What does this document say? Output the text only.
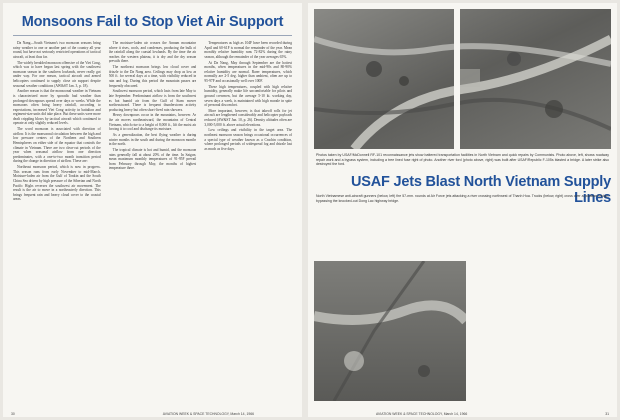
Monsoons Fail to Stop Viet Air Support

Da Nang—South Vietnam's two monsoon seasons bring rainy weather to one or another part of the country all year round, but have not seriously restricted operations of tactical aircraft, at least thus far.

The widely heralded monsoon offensive of the Viet Cong, which was to have begun last spring with the southwest monsoon season in the southern lowlands, never really got under way. For one reason, tactical aircraft and armed helicopters continued to supply close air support despite seasonal weather conditions (AW&ST Jan. 3, p. 18).

Another reason is that the monsoonal weather in Vietnam is characterized more by sporadic bad weather than prolonged downpours spread over days or weeks. While the monsoons often bring heavy rainfall, according to expectations, increased Viet Cong activity in battalion and regiment-size units did take place. But these units were more dealt crippling blows by tactical aircraft which continued to operate at only slightly reduced levels.

The word monsoon is associated with direction of airflow. It is the monsoonal circulation between the high and low pressure centers of the Northern and Southern Hemispheres on either side of the equator that controls the climate in Vietnam. There are two clear-cut periods of the year when seasonal airflow from one direction predominates, with a one-to-two month transition period during the change in direction of airflow. These are:

Northeast monsoon period, which is now in progress. This season runs from early November to mid-March. Moisture-laden air from the Gulf of Tonkin and the South China Sea driven by high pressure of the Siberian and North Pacific Highs reverses the southwest air movement. The result is the air to move in a northeasterly direction. This brings frequent rain and heavy cloud cover to the coastal areas.

The moisture-laden air crosses the Annam mountains where it rises, cools, and condenses, producing the bulk of the rainfall along the coastal lowlands. By the time the air reaches the western plateau, it is dry and the dry season prevails there.

The northeast monsoon brings low cloud cover and drizzle to the Da Nang area. Ceilings may drop as low as 500 ft. for several days at a time, with visibility reduced in rain and fog. During this period the mountain passes are frequently obscured.

Southwest monsoon period, which lasts from late May to late September. Predominant airflow is from the southwest as hot humid air from the Gulf of Siam moves northeastward. There is frequent thunderstorm activity producing heavy but often short-lived rain showers.

Heavy downpours occur in the mountains, however. As the air moves northeastward, the mountains of Central Vietnam, which rise to a height of 8,000 ft., lift the moist air forcing it to cool and discharge its moisture.

As a generalization, the best flying weather is during winter months in the south and during the monsoon months in the north.

The tropical climate is hot and humid, and the monsoon rains generally fall at about 20% of the time. In Saigon, mean maximum monthly temperatures of 91-95F prevail from February through May, the months of highest temperature there.

Temperatures as high as 104F have been recorded during April and 60-61F is normal the remainder of the year. Mean monthly relative humidity runs 72-82% during the rainy season, although the remainder of the year averages 65%.

At Da Nang, May through September are the hottest months, when temperatures in the mid-90s and 80-90% relative humidity are normal. Rarer temperatures, which normally are 2-5 deg. higher than ambient, often are up to 95-97F and occasionally well over 100F.

These high temperatures, coupled with high relative humidity, generally make life uncomfortable for pilots and ground crewmen, but the average 5-10 kt. working day, seven days a week, is maintained with high morale in spite of personal discomfort.

More important, however, is that takeoff rolls for jet aircraft are lengthened considerably and helicopter payloads reduced (AW&ST Jan. 10, p. 26). Density altitudes often are 3,000-5,000 ft. above actual elevations.

Low ceilings and visibility in the target area. The northeast monsoon season brings occasional occurrences of a special type of weather known as a Crachin condition, where prolonged periods of widespread fog and drizzle last as much as five days.

30	AVIATION WEEK & SPACE TECHNOLOGY, March 14, 1966
Photos taken by USAF/McDonnell RF-101 reconnaissance jets show battered transportation facilities in North Vietnam and quick repairs by Communists. Photo above, left, shows roadway repair work and a bypass system, including a tree lined fuse right of photo. Another river ford (photo above, right) was built after USAF/Republic F-105s blasted a bridge. A later strike also destroyed the ford.
USAF Jets Blast North Vietnam Supply Lines
North Vietnamese anti-aircraft gunners (below, left) fire 57-mm. rounds at Air Force jets attacking a river crossing northwest of Thanh Hoa. Trucks (below, right) cross over a pontoon bridge, bypassing the knocked-out Dong Lac highway bridge.
AVIATION WEEK & SPACE TECHNOLOGY, March 14, 1966	31
